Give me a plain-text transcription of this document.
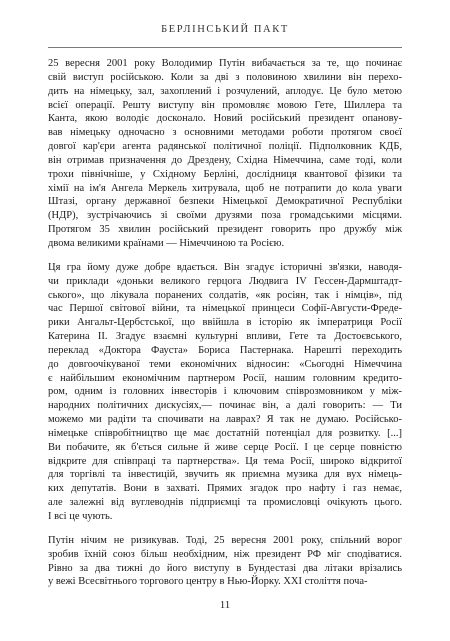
БЕРЛІНСЬКИЙ ПАКТ

25 вересня 2001 року Володимир Путін вибачається за те, що починає
свій виступ російською. Коли за дві з половиною хвилини він перехо-
дить на німецьку, зал, захоплений і розчулений, аплодує. Це було метою
всієї операції. Решту виступу він промовляє мовою Гете, Шиллера та
Канта, якою володіє досконало. Новий російський президент опанову-
вав німецьку одночасно з основними методами роботи протягом своєї
довгої кар'єри агента радянської політичної поліції. Підполковник КДБ,
він отримав призначення до Дрездену, Східна Німеччина, саме тоді, коли
трохи північніше, у Східному Берліні, дослідниця квантової фізики та
хімії на ім'я Ангела Меркель хитрувала, щоб не потрапити до кола уваги
Штазі, органу державної безпеки Німецької Демократичної Республіки
(НДР), зустрічаючись зі своїми друзями поза громадськими місцями.
Протягом 35 хвилин російський президент говорить про дружбу між
двома великими країнами — Німеччиною та Росією.

Ця гра йому дуже добре вдається. Він згадує історичні зв'язки, наводя-
чи приклади «доньки великого герцога Людвига IV Гессен-Дармштадт-
ського», що лікувала поранених солдатів, «як росіян, так і німців», під
час Першої світової війни, та німецької принцеси Софії-Августи-Фреде-
рики Ангальт-Цербстської, що ввійшла в історію як імператриця Росії
Катерина II. Згадує взаємні культурні впливи, Гете та Достоєвського,
переклад «Доктора Фауста» Бориса Пастернака. Нарешті переходить
до довгоочікуваної теми економічних відносин: «Сьогодні Німеччина
є найбільшим економічним партнером Росії, нашим головним кредито-
ром, одним із головних інвесторів і ключовим співрозмовником у між-
народних політичних дискусіях,— починає він, а далі говорить: — Ти
можемо ми радіти та спочивати на лаврах? Я так не думаю. Російсько-
німецьке співробітництво ще має достатній потенціал для розвитку. [...]
Ви побачите, як б'ється сильне й живе серце Росії. І це серце повністю
відкрите для співпраці та партнерства». Ця тема Росії, широко відкритої
для торгівлі та інвестицій, звучить як приємна музика для вух німець-
ких депутатів. Вони в захваті. Прямих згадок про нафту і газ немає,
але залежні від вуглеводнів підприємці та промисловці очікують цього.
І всі це чують.

Путін нічим не ризикував. Тоді, 25 вересня 2001 року, спільний ворог
зробив їхній союз більш необхідним, ніж президент РФ міг сподіватися.
Рівно за два тижні до його виступу в Бундестазі два літаки врізались
у вежі Всесвітнього торгового центру в Нью-Йорку. XXI століття поча-

11
